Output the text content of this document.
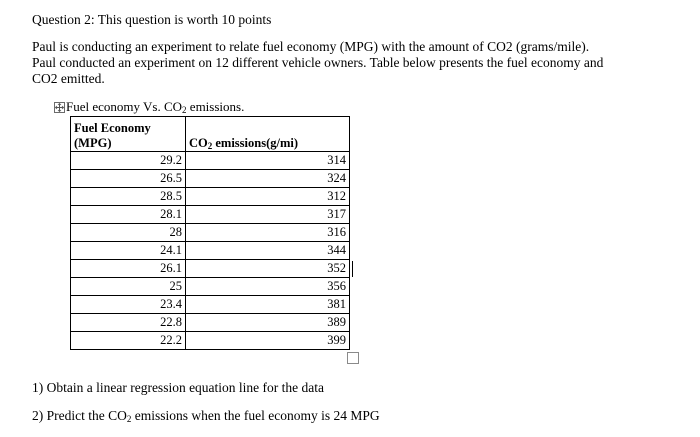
Question 2: This question is worth 10 points
Paul is conducting an experiment to relate fuel economy (MPG) with the amount of CO2 (grams/mile).
Paul conducted an experiment on 12 different vehicle owners. Table below presents the fuel economy and
CO2 emitted.
Fuel economy Vs. $CO_2$ emissions.
Fuel Economy
(MPG)	$CO_2$ emissions(g/mi)
29.2	314
26.5	324
28.5	312
28.1	317
28	316
24.1	344
26.1	352

25	356
23.4	381
22.8	389
22.2	399
1) Obtain a linear regression equation line for the data
2) Predict the $CO_2$ emissions when the fuel economy is 24 MPG
